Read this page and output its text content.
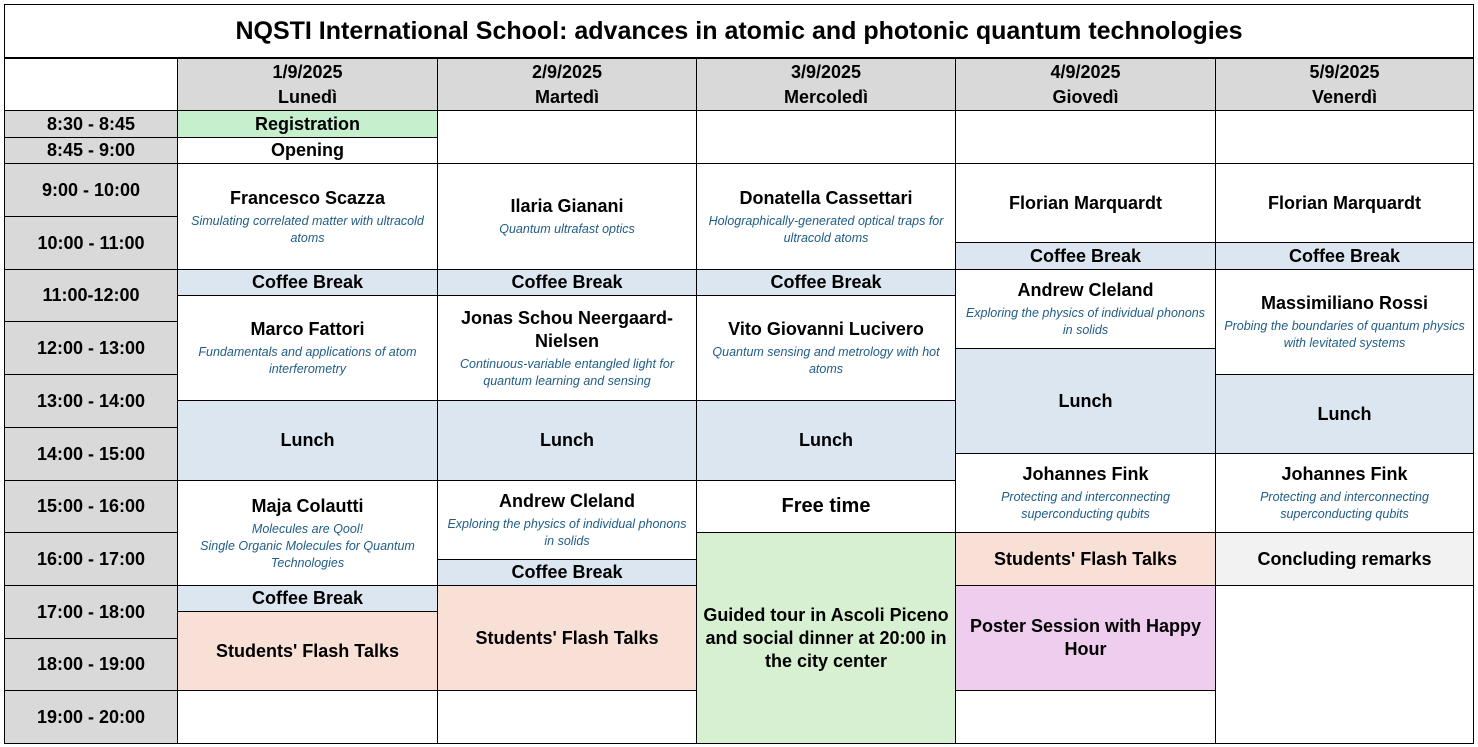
NQSTI International School: advances in atomic and photonic quantum technologies
1/9/2025
Lunedì
2/9/2025
Martedì
3/9/2025
Mercoledì
4/9/2025
Giovedì
5/9/2025
Venerdì
8:30 - 8:45
8:45 - 9:00
9:00 - 10:00
10:00 - 11:00
11:00-12:00
12:00 - 13:00
13:00 - 14:00
14:00 - 15:00
15:00 - 16:00
16:00 - 17:00
17:00 - 18:00
18:00 - 19:00
19:00 - 20:00
Registration
Opening
Francesco Scazza
Simulating correlated matter with ultracold atoms
Coffee Break
Marco Fattori
Fundamentals and applications of atom interferometry
Lunch
Maja Colautti
Molecules are Qool!
Single Organic Molecules for Quantum Technologies
Coffee Break
Students' Flash Talks
Ilaria Gianani
Quantum ultrafast optics
Coffee Break
Jonas Schou Neergaard-Nielsen
Continuous-variable entangled light for quantum learning and sensing
Lunch
Andrew Cleland
Exploring the physics of individual phonons in solids
Coffee Break
Students' Flash Talks
Donatella Cassettari
Holographically-generated optical traps for ultracold atoms
Coffee Break
Vito Giovanni Lucivero
Quantum sensing and metrology with hot atoms
Lunch
Free time
Guided tour in Ascoli Piceno and social dinner at 20:00 in the city center
Florian Marquardt
Coffee Break
Andrew Cleland
Exploring the physics of individual phonons in solids
Lunch
Johannes Fink
Protecting and interconnecting superconducting qubits
Students' Flash Talks
Poster Session with Happy Hour
Florian Marquardt
Coffee Break
Massimiliano Rossi
Probing the boundaries of quantum physics with levitated systems
Lunch
Johannes Fink
Protecting and interconnecting superconducting qubits
Concluding remarks
